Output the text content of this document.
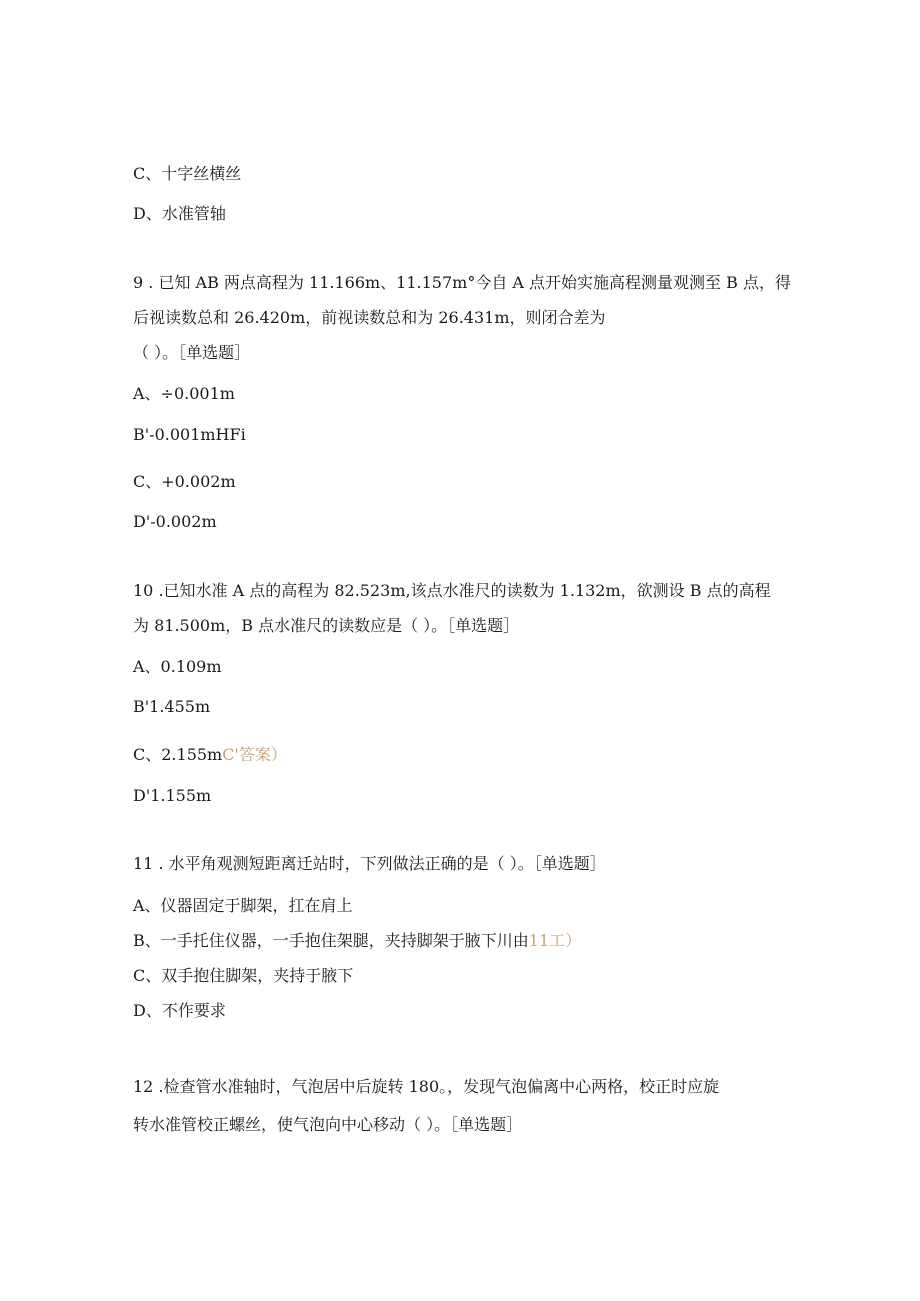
C、十字丝横丝
D、水准管轴
9 . 已知 AB 两点高程为 11.166m、11.157m°今自 A 点开始实施高程测量观测至 B 点，得
后视读数总和 26.420m，前视读数总和为 26.431m，则闭合差为
（ ）。［单选题］
A、÷0.001m
B'-0.001mHFi
C、+0.002m
D'-0.002m
10 .已知水准 A 点的高程为 82.523m,该点水准尺的读数为 1.132m，欲测设 B 点的高程
为 81.500m，B 点水准尺的读数应是（ ）。［单选题］
A、0.109m
B'1.455m
C、2.155mC'答案）
D'1.155m
11 . 水平角观测短距离迁站时，下列做法正确的是（ ）。［单选题］
A、仪器固定于脚架，扛在肩上
B、一手托住仪器，一手抱住架腿，夹持脚架于腋下川由11工）
C、双手抱住脚架，夹持于腋下
D、不作要求
12 .检查管水准轴时，气泡居中后旋转 180。，发现气泡偏离中心两格，校正时应旋
转水准管校正螺丝，使气泡向中心移动（ ）。［单选题］
